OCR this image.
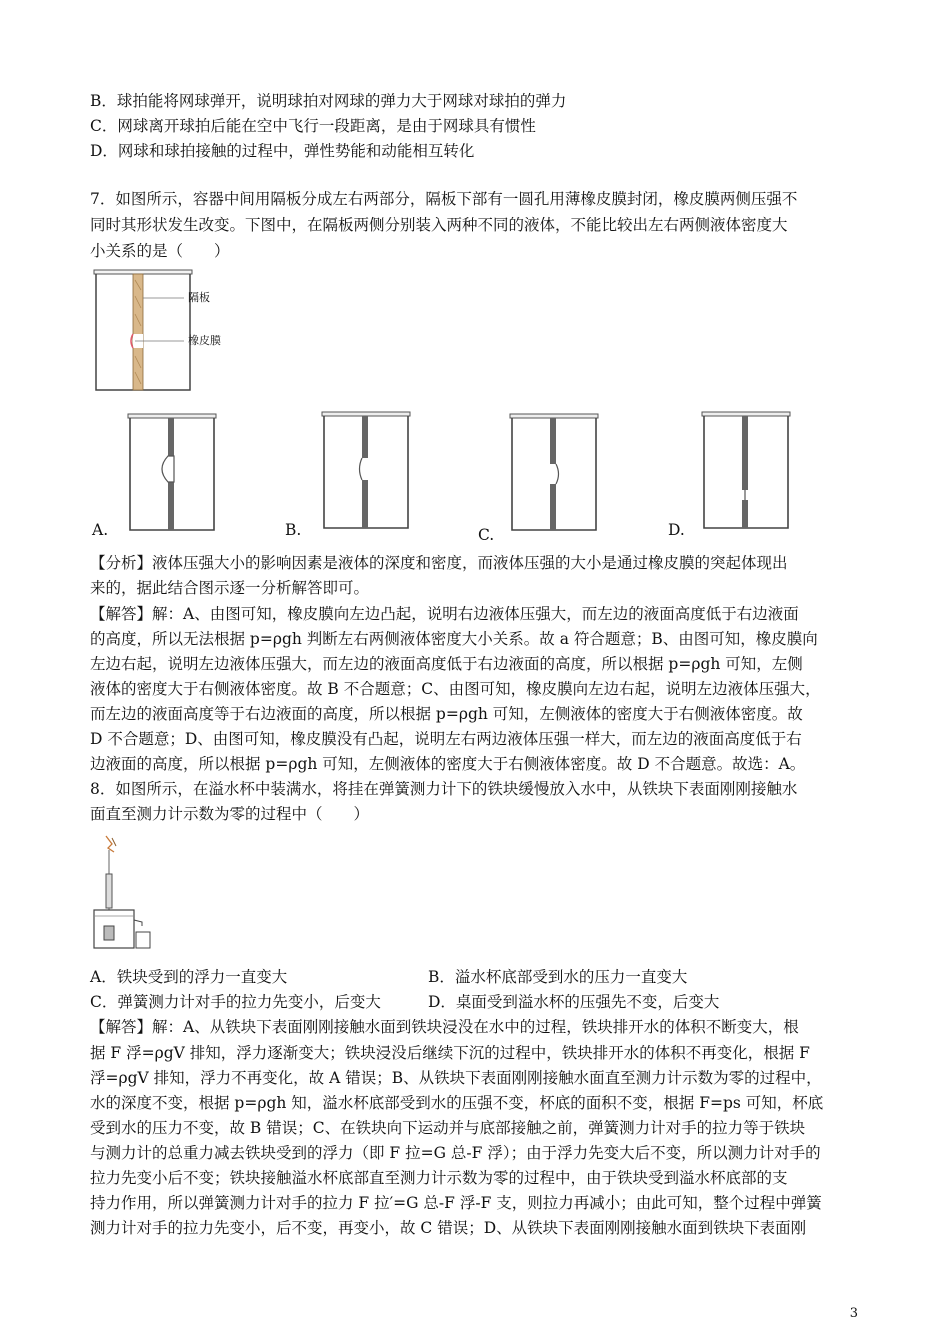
B．球拍能将网球弹开，说明球拍对网球的弹力大于网球对球拍的弹力
C．网球离开球拍后能在空中飞行一段距离，是由于网球具有惯性
D．网球和球拍接触的过程中，弹性势能和动能相互转化
7．如图所示，容器中间用隔板分成左右两部分，隔板下部有一圆孔用薄橡皮膜封闭，橡皮膜两侧压强不
同时其形状发生改变。下图中，在隔板两侧分别装入两种不同的液体，不能比较出左右两侧液体密度大
小关系的是（　　）
隔板
橡皮膜
A.	B.	C.	D.
【分析】液体压强大小的影响因素是液体的深度和密度，而液体压强的大小是通过橡皮膜的突起体现出
来的，据此结合图示逐一分析解答即可。
【解答】解：A、由图可知，橡皮膜向左边凸起，说明右边液体压强大，而左边的液面高度低于右边液面
的高度，所以无法根据 p=ρgh 判断左右两侧液体密度大小关系。故 a 符合题意；B、由图可知，橡皮膜向
左边右起，说明左边液体压强大，而左边的液面高度低于右边液面的高度，所以根据 p=ρgh 可知，左侧
液体的密度大于右侧液体密度。故 B 不合题意；C、由图可知，橡皮膜向左边右起，说明左边液体压强大，
而左边的液面高度等于右边液面的高度，所以根据 p=ρgh 可知，左侧液体的密度大于右侧液体密度。故
D 不合题意；D、由图可知，橡皮膜没有凸起，说明左右两边液体压强一样大，而左边的液面高度低于右
边液面的高度，所以根据 p=ρgh 可知，左侧液体的密度大于右侧液体密度。故 D 不合题意。故选：A。
8．如图所示，在溢水杯中装满水，将挂在弹簧测力计下的铁块缓慢放入水中，从铁块下表面刚刚接触水
面直至测力计示数为零的过程中（　　）
A．铁块受到的浮力一直变大	B．溢水杯底部受到水的压力一直变大
C．弹簧测力计对手的拉力先变小，后变大	D．桌面受到溢水杯的压强先不变，后变大
【解答】解：A、从铁块下表面刚刚接触水面到铁块浸没在水中的过程，铁块排开水的体积不断变大，根
据 F 浮=ρgV 排知，浮力逐渐变大；铁块浸没后继续下沉的过程中，铁块排开水的体积不再变化，根据 F
浮=ρgV 排知，浮力不再变化，故 A 错误；B、从铁块下表面刚刚接触水面直至测力计示数为零的过程中，
水的深度不变，根据 p=ρgh 知，溢水杯底部受到水的压强不变，杯底的面积不变，根据 F=ps 可知，杯底
受到水的压力不变，故 B 错误；C、在铁块向下运动并与底部接触之前，弹簧测力计对手的拉力等于铁块
与测力计的总重力减去铁块受到的浮力（即 F 拉=G 总-F 浮）；由于浮力先变大后不变，所以测力计对手的
拉力先变小后不变；铁块接触溢水杯底部直至测力计示数为零的过程中，由于铁块受到溢水杯底部的支
持力作用，所以弹簧测力计对手的拉力 F 拉′=G 总-F 浮-F 支，则拉力再减小；由此可知，整个过程中弹簧
测力计对手的拉力先变小，后不变，再变小，故 C 错误；D、从铁块下表面刚刚接触水面到铁块下表面刚
3
